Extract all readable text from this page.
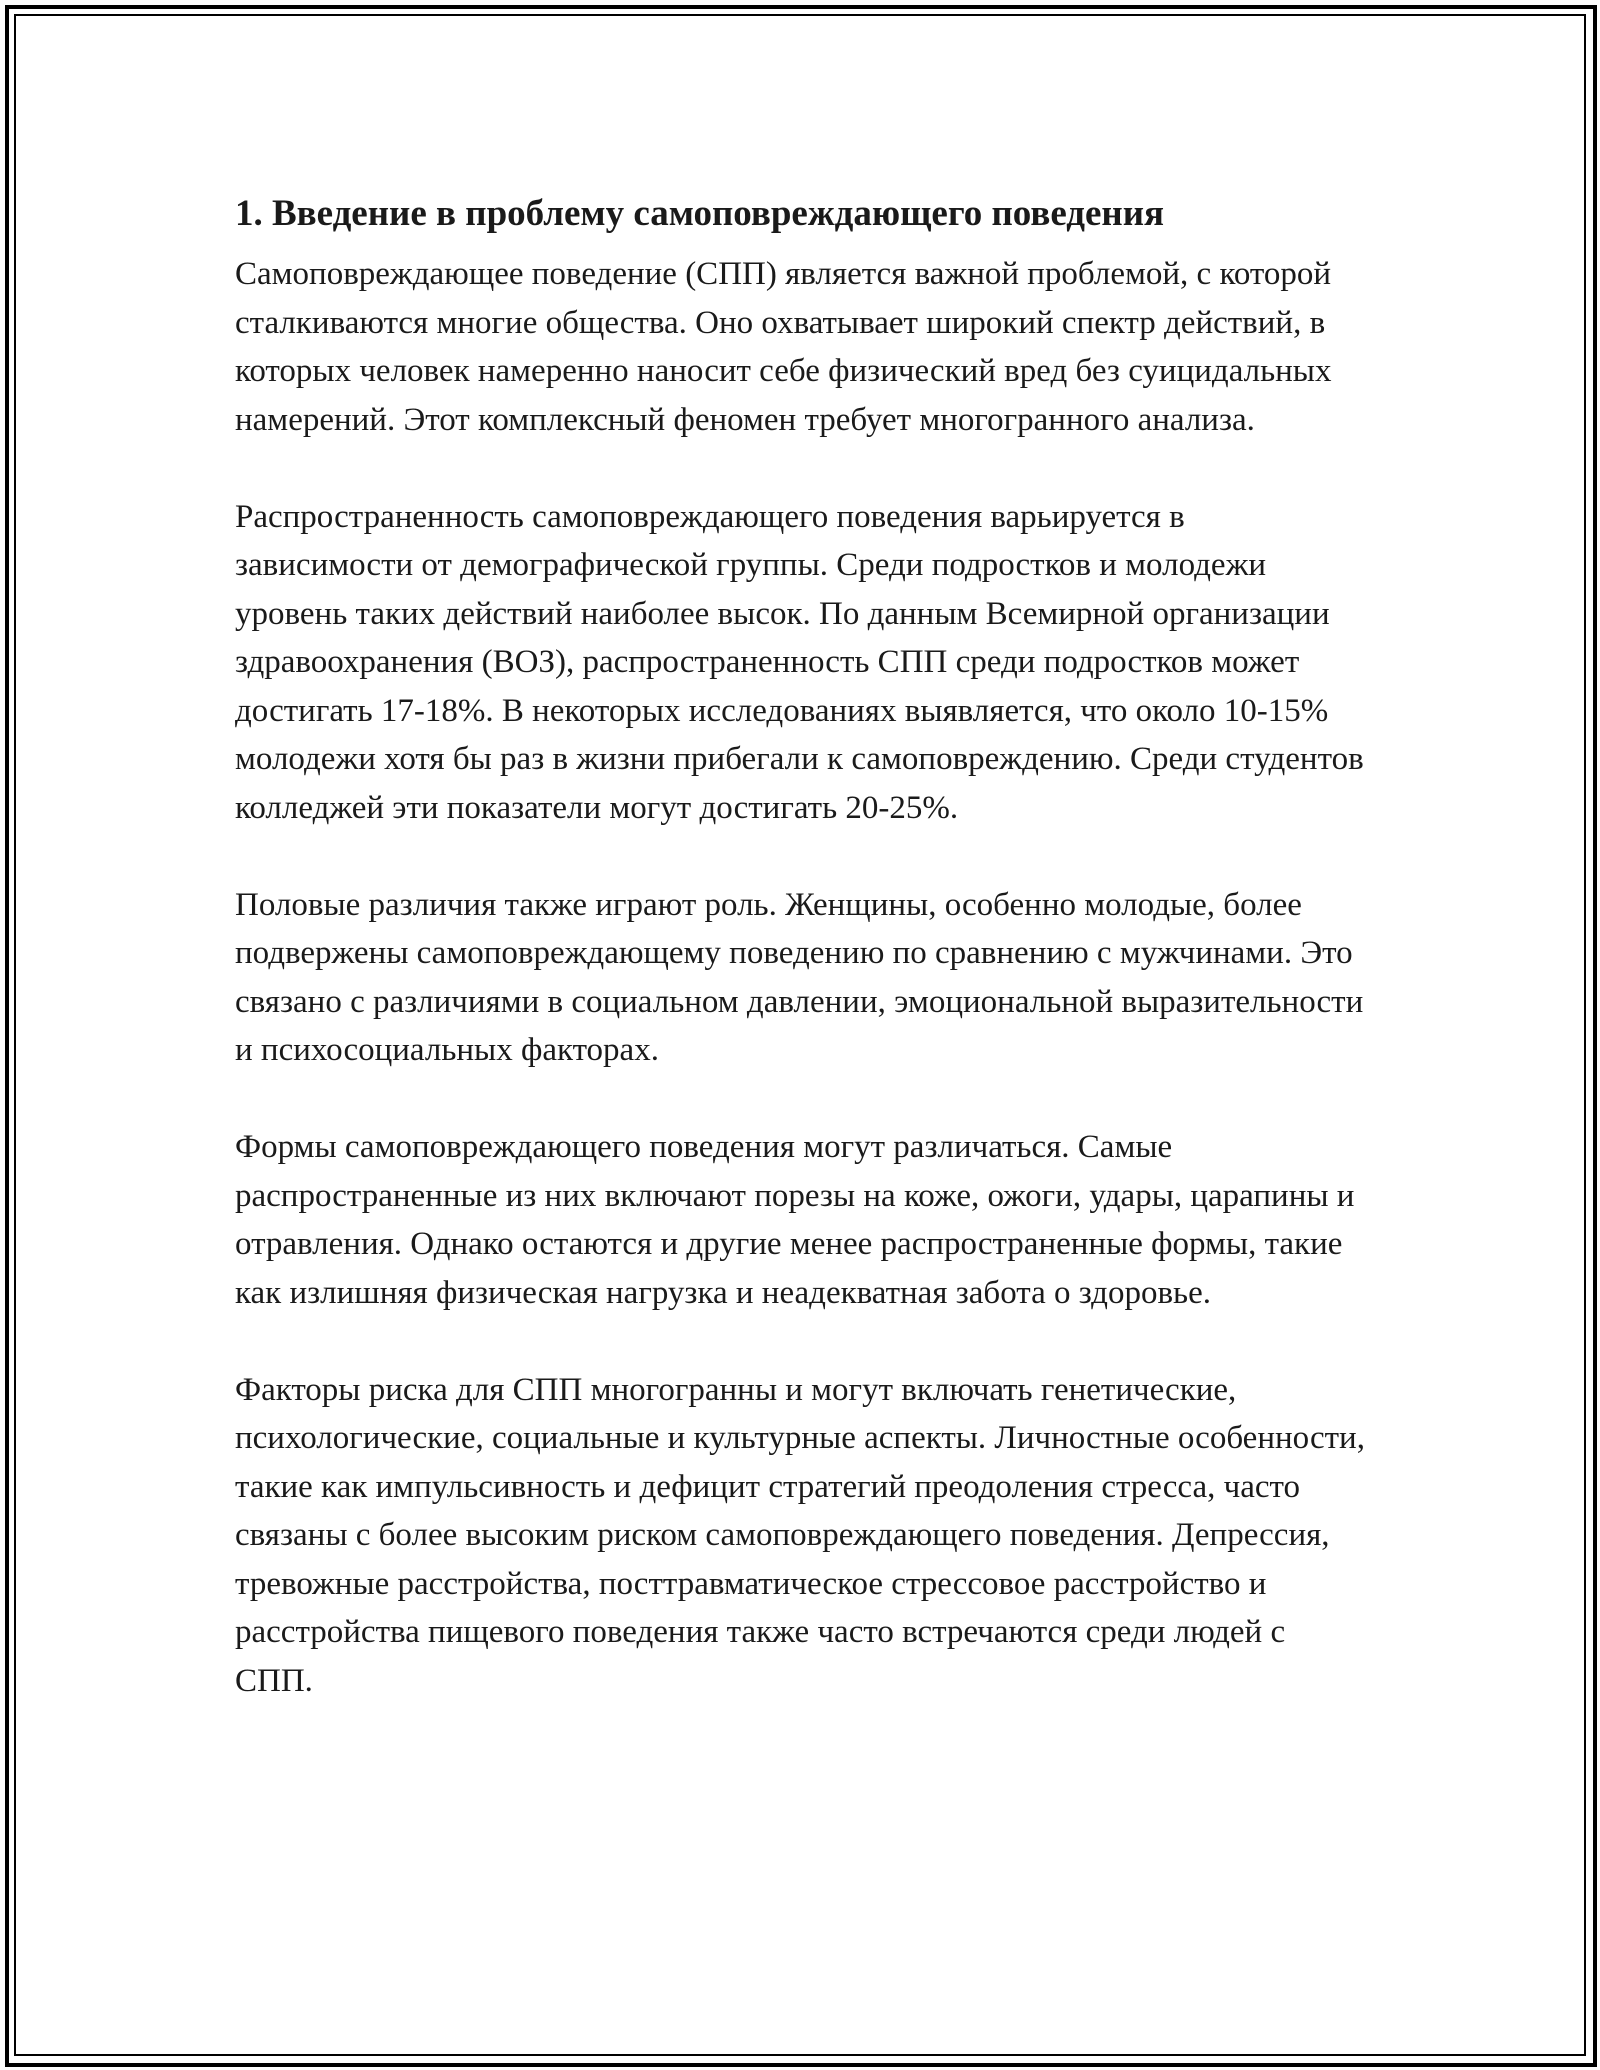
1. Введение в проблему самоповреждающего поведения

Самоповреждающее поведение (СПП) является важной проблемой, с которой сталкиваются многие общества. Оно охватывает широкий спектр действий, в которых человек намеренно наносит себе физический вред без суицидальных намерений. Этот комплексный феномен требует многогранного анализа.

Распространенность самоповреждающего поведения варьируется в зависимости от демографической группы. Среди подростков и молодежи уровень таких действий наиболее высок. По данным Всемирной организации здравоохранения (ВОЗ), распространенность СПП среди подростков может достигать 17-18%. В некоторых исследованиях выявляется, что около 10-15% молодежи хотя бы раз в жизни прибегали к самоповреждению. Среди студентов колледжей эти показатели могут достигать 20-25%.

Половые различия также играют роль. Женщины, особенно молодые, более подвержены самоповреждающему поведению по сравнению с мужчинами. Это связано с различиями в социальном давлении, эмоциональной выразительности и психосоциальных факторах.

Формы самоповреждающего поведения могут различаться. Самые распространенные из них включают порезы на коже, ожоги, удары, царапины и отравления. Однако остаются и другие менее распространенные формы, такие как излишняя физическая нагрузка и неадекватная забота о здоровье.

Факторы риска для СПП многогранны и могут включать генетические, психологические, социальные и культурные аспекты. Личностные особенности, такие как импульсивность и дефицит стратегий преодоления стресса, часто связаны с более высоким риском самоповреждающего поведения. Депрессия, тревожные расстройства, посттравматическое стрессовое расстройство и расстройства пищевого поведения также часто встречаются среди людей с СПП.
